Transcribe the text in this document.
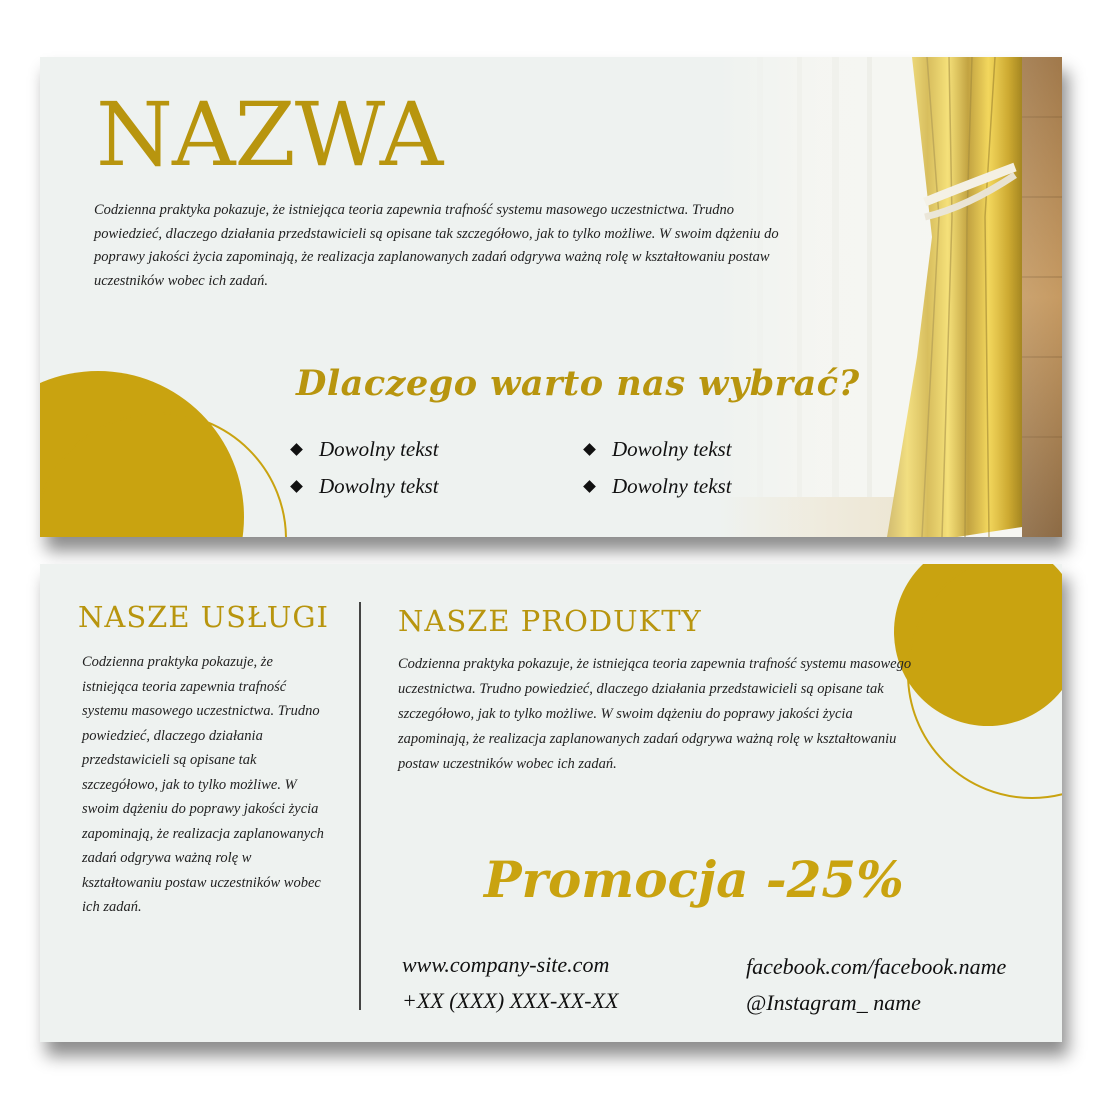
NAZWA

Codzienna praktyka pokazuje, że istniejąca teoria zapewnia trafność systemu masowego uczestnictwa. Trudno powiedzieć, dlaczego działania przedstawicieli są opisane tak szczegółowo, jak to tylko możliwe. W swoim dążeniu do poprawy jakości życia zapominają, że realizacja zaplanowanych zadań odgrywa ważną rolę w kształtowaniu postaw uczestników wobec ich zadań.

Dlaczego warto nas wybrać?
Dowolny tekst
Dowolny tekst
Dowolny tekst
Dowolny tekst
NASZE USŁUGI

Codzienna praktyka pokazuje, że istniejąca teoria zapewnia trafność systemu masowego uczestnictwa. Trudno powiedzieć, dlaczego działania przedstawicieli są opisane tak szczegółowo, jak to tylko możliwe. W swoim dążeniu do poprawy jakości życia zapominają, że realizacja zaplanowanych zadań odgrywa ważną rolę w kształtowaniu postaw uczestników wobec ich zadań.

NASZE PRODUKTY

Codzienna praktyka pokazuje, że istniejąca teoria zapewnia trafność systemu masowego uczestnictwa. Trudno powiedzieć, dlaczego działania przedstawicieli są opisane tak szczegółowo, jak to tylko możliwe. W swoim dążeniu do poprawy jakości życia zapominają, że realizacja zaplanowanych zadań odgrywa ważną rolę w kształtowaniu postaw uczestników wobec ich zadań.

Promocja -25%
www.company-site.com
+XX (XXX) XXX-XX-XX
facebook.com/facebook.name
@Instagram_ name
